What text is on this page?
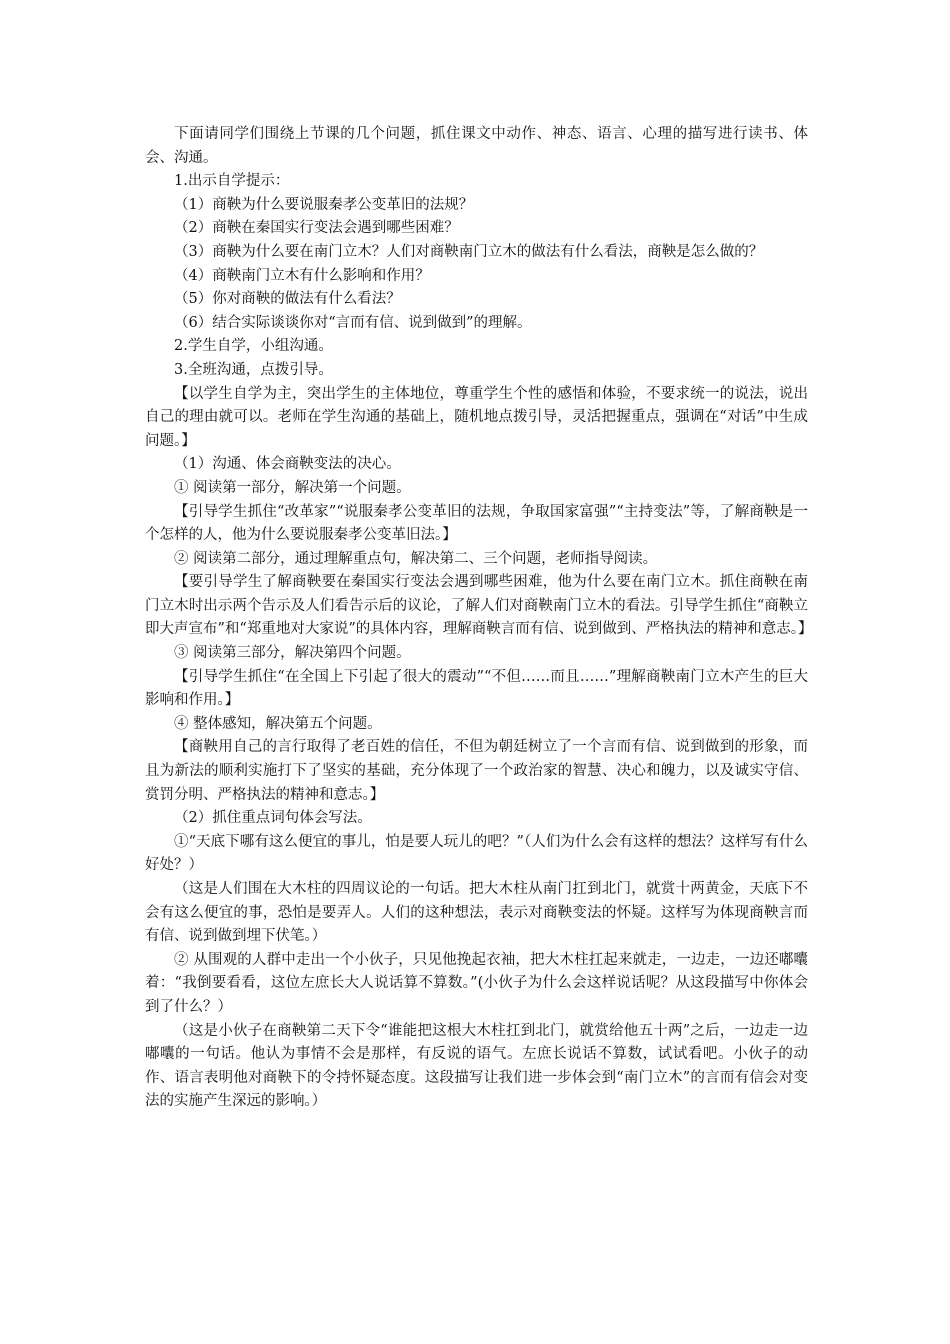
下面请同学们围绕上节课的几个问题，抓住课文中动作、神态、语言、心理的描写进行读书、体会、沟通。

1.出示自学提示：

（1）商鞅为什么要说服秦孝公变革旧的法规？

（2）商鞅在秦国实行变法会遇到哪些困难？

（3）商鞅为什么要在南门立木？人们对商鞅南门立木的做法有什么看法，商鞅是怎么做的？

（4）商鞅南门立木有什么影响和作用？

（5）你对商鞅的做法有什么看法？

（6）结合实际谈谈你对“言而有信、说到做到”的理解。

2.学生自学，小组沟通。

3.全班沟通，点拨引导。

【以学生自学为主，突出学生的主体地位，尊重学生个性的感悟和体验，不要求统一的说法，说出自己的理由就可以。老师在学生沟通的基础上，随机地点拨引导，灵活把握重点，强调在“对话”中生成问题。】

（1）沟通、体会商鞅变法的决心。

① 阅读第一部分，解决第一个问题。

【引导学生抓住“改革家”“说服秦孝公变革旧的法规，争取国家富强”“主持变法”等，了解商鞅是一个怎样的人，他为什么要说服秦孝公变革旧法。】

② 阅读第二部分，通过理解重点句，解决第二、三个问题，老师指导阅读。

【要引导学生了解商鞅要在秦国实行变法会遇到哪些困难，他为什么要在南门立木。抓住商鞅在南门立木时出示两个告示及人们看告示后的议论，了解人们对商鞅南门立木的看法。引导学生抓住“商鞅立即大声宣布”和“郑重地对大家说”的具体内容，理解商鞅言而有信、说到做到、严格执法的精神和意志。】

③ 阅读第三部分，解决第四个问题。

【引导学生抓住“在全国上下引起了很大的震动”“不但……而且……”理解商鞅南门立木产生的巨大影响和作用。】

④ 整体感知，解决第五个问题。

【商鞅用自己的言行取得了老百姓的信任，不但为朝廷树立了一个言而有信、说到做到的形象，而且为新法的顺利实施打下了坚实的基础，充分体现了一个政治家的智慧、决心和魄力，以及诚实守信、赏罚分明、严格执法的精神和意志。】

（2）抓住重点词句体会写法。

①“天底下哪有这么便宜的事儿，怕是要人玩儿的吧？”（人们为什么会有这样的想法？这样写有什么好处？）

（这是人们围在大木柱的四周议论的一句话。把大木柱从南门扛到北门，就赏十两黄金，天底下不会有这么便宜的事，恐怕是要弄人。人们的这种想法，表示对商鞅变法的怀疑。这样写为体现商鞅言而有信、说到做到埋下伏笔。）

② 从围观的人群中走出一个小伙子，只见他挽起衣袖，把大木柱扛起来就走，一边走，一边还嘟囔着：“我倒要看看，这位左庶长大人说话算不算数。”(小伙子为什么会这样说话呢？从这段描写中你体会到了什么？）

（这是小伙子在商鞅第二天下令“谁能把这根大木柱扛到北门，就赏给他五十两”之后，一边走一边嘟囔的一句话。他认为事情不会是那样，有反说的语气。左庶长说话不算数，试试看吧。小伙子的动作、语言表明他对商鞅下的令持怀疑态度。这段描写让我们进一步体会到“南门立木”的言而有信会对变法的实施产生深远的影响。）
